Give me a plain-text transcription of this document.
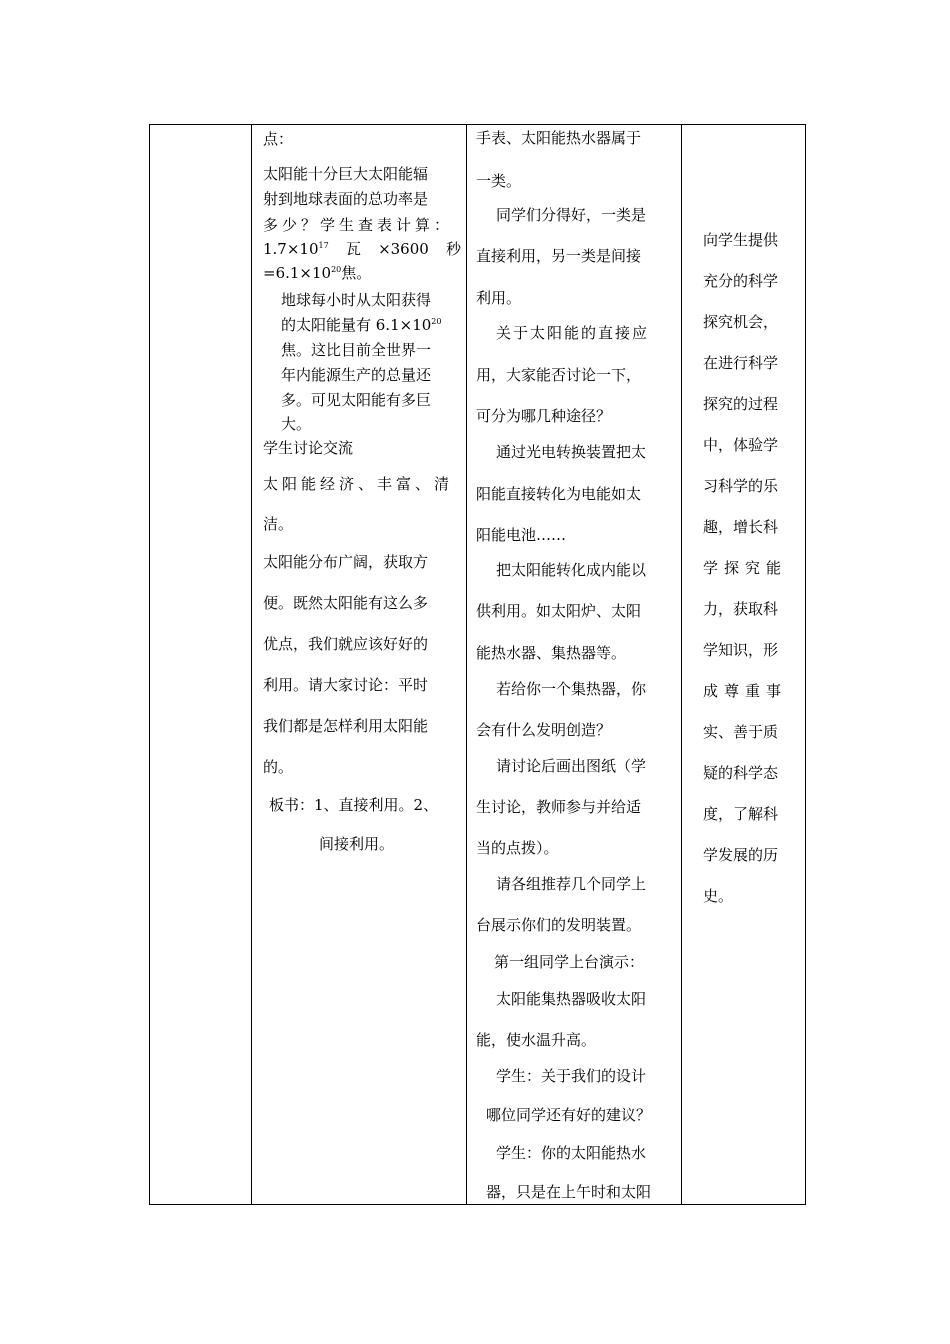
点：
太阳能十分巨大太阳能辐
射到地球表面的总功率是
多少？学生查表计算：
$1.7\times 10^{17}$ 瓦 ×3600 秒
$=6.1\times 10^{20}$焦。
地球每小时从太阳获得
的太阳能量有 $6.1\times 10^{20}$
焦。这比目前全世界一
年内能源生产的总量还
多。可见太阳能有多巨
大。
学生讨论交流
太阳能经济、丰富、清
洁。
太阳能分布广阔，获取方
便。既然太阳能有这么多
优点，我们就应该好好的
利用。请大家讨论：平时
我们都是怎样利用太阳能
的。
板书：1、直接利用。2、
间接利用。

手表、太阳能热水器属于
一类。
同学们分得好，一类是
直接利用，另一类是间接
利用。
关于太阳能的直接应
用，大家能否讨论一下，
可分为哪几种途径？
通过光电转换装置把太
阳能直接转化为电能如太
阳能电池……
把太阳能转化成内能以
供利用。如太阳炉、太阳
能热水器、集热器等。
若给你一个集热器，你
会有什么发明创造？
请讨论后画出图纸（学
生讨论，教师参与并给适
当的点拨）。
请各组推荐几个同学上
台展示你们的发明装置。
第一组同学上台演示：
太阳能集热器吸收太阳
能，使水温升高。
学生：关于我们的设计
哪位同学还有好的建议？
学生：你的太阳能热水
器，只是在上午时和太阳

向学生提供
充分的科学
探究机会，
在进行科学
探究的过程
中，体验学
习科学的乐
趣，增长科
学探究能
力，获取科
学知识，形
成尊重事
实、善于质
疑的科学态
度，了解科
学发展的历
史。
